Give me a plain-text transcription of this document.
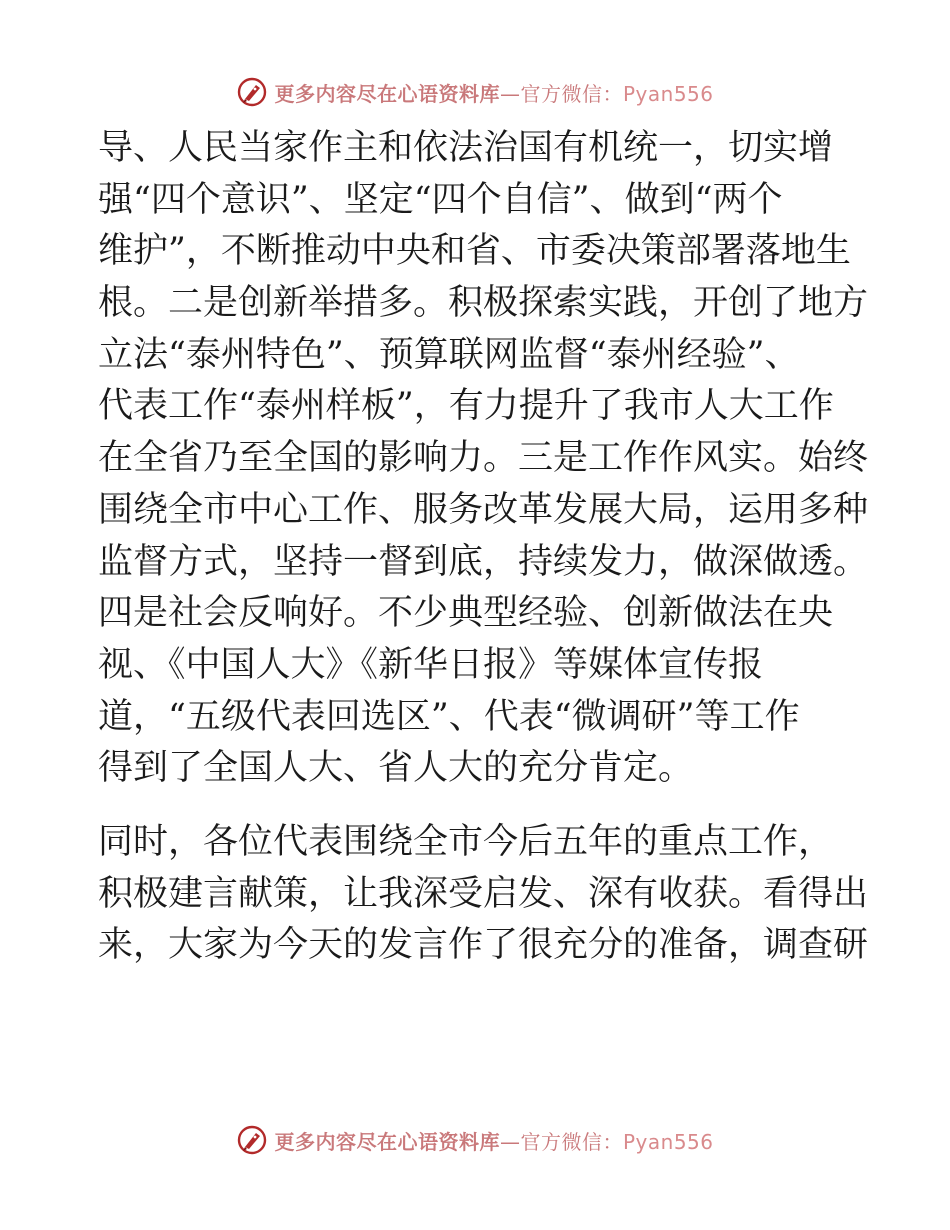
更多内容尽在心语资料库—官方微信：Pyan556
导、人民当家作主和依法治国有机统一，切实增
强“四个意识”、坚定“四个自信”、做到“两个
维护”，不断推动中央和省、市委决策部署落地生
根。二是创新举措多。积极探索实践，开创了地方
立法“泰州特色”、预算联网监督“泰州经验”、
代表工作“泰州样板”，有力提升了我市人大工作
在全省乃至全国的影响力。三是工作作风实。始终
围绕全市中心工作、服务改革发展大局，运用多种
监督方式，坚持一督到底，持续发力，做深做透。
四是社会反响好。不少典型经验、创新做法在央
视、《中国人大》《新华日报》等媒体宣传报
道，“五级代表回选区”、代表“微调研”等工作
得到了全国人大、省人大的充分肯定。
同时，各位代表围绕全市今后五年的重点工作，
积极建言献策，让我深受启发、深有收获。看得出
来，大家为今天的发言作了很充分的准备，调查研
更多内容尽在心语资料库—官方微信：Pyan556
